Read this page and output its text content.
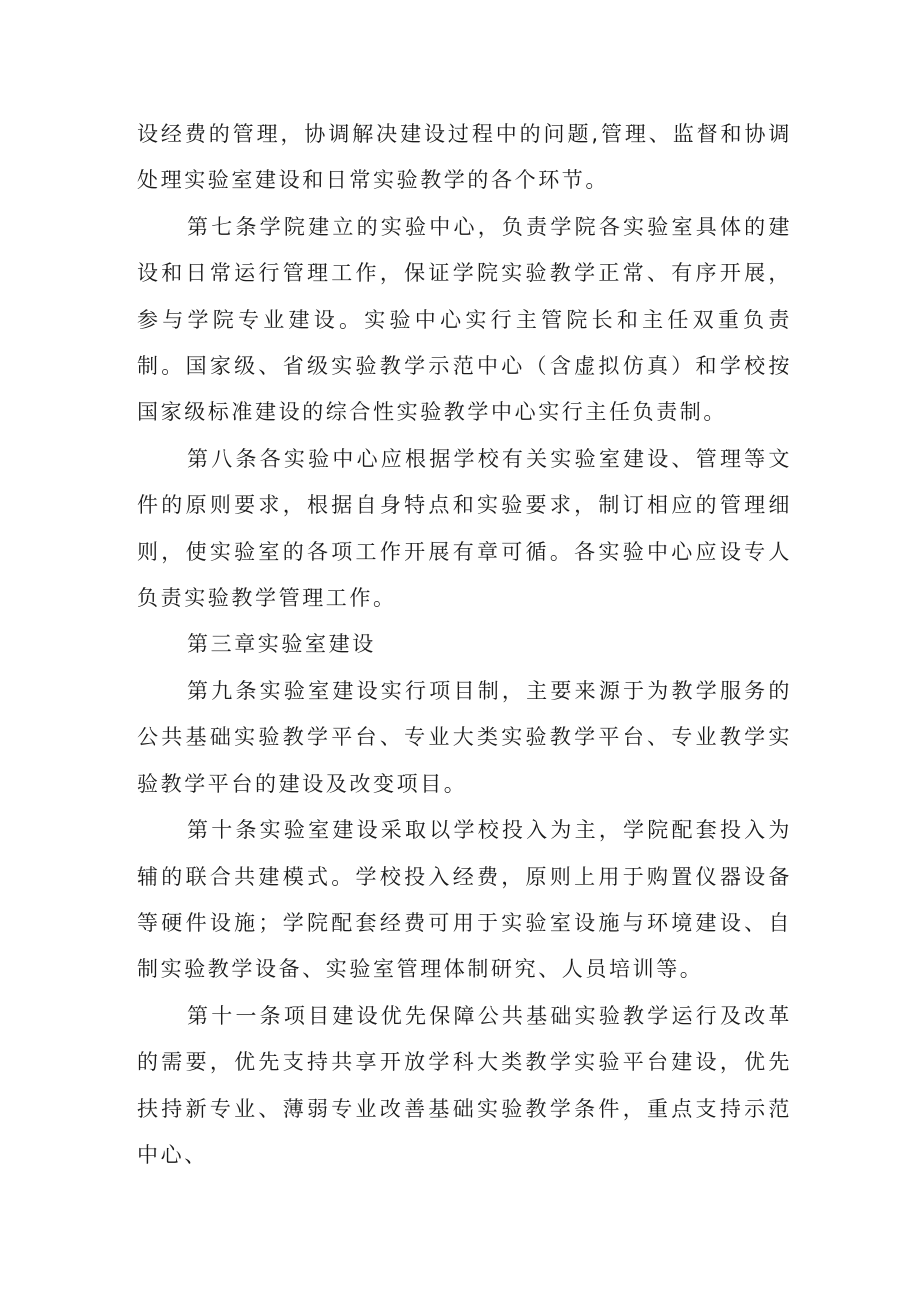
设经费的管理，协调解决建设过程中的问题,管理、监督和协调处理实验室建设和日常实验教学的各个环节。

第七条学院建立的实验中心，负责学院各实验室具体的建设和日常运行管理工作，保证学院实验教学正常、有序开展，参与学院专业建设。实验中心实行主管院长和主任双重负责制。国家级、省级实验教学示范中心（含虚拟仿真）和学校按国家级标准建设的综合性实验教学中心实行主任负责制。

第八条各实验中心应根据学校有关实验室建设、管理等文件的原则要求，根据自身特点和实验要求，制订相应的管理细则，使实验室的各项工作开展有章可循。各实验中心应设专人负责实验教学管理工作。

第三章实验室建设

第九条实验室建设实行项目制，主要来源于为教学服务的公共基础实验教学平台、专业大类实验教学平台、专业教学实验教学平台的建设及改变项目。

第十条实验室建设采取以学校投入为主，学院配套投入为辅的联合共建模式。学校投入经费，原则上用于购置仪器设备等硬件设施；学院配套经费可用于实验室设施与环境建设、自制实验教学设备、实验室管理体制研究、人员培训等。

第十一条项目建设优先保障公共基础实验教学运行及改革的需要，优先支持共享开放学科大类教学实验平台建设，优先扶持新专业、薄弱专业改善基础实验教学条件，重点支持示范中心、
